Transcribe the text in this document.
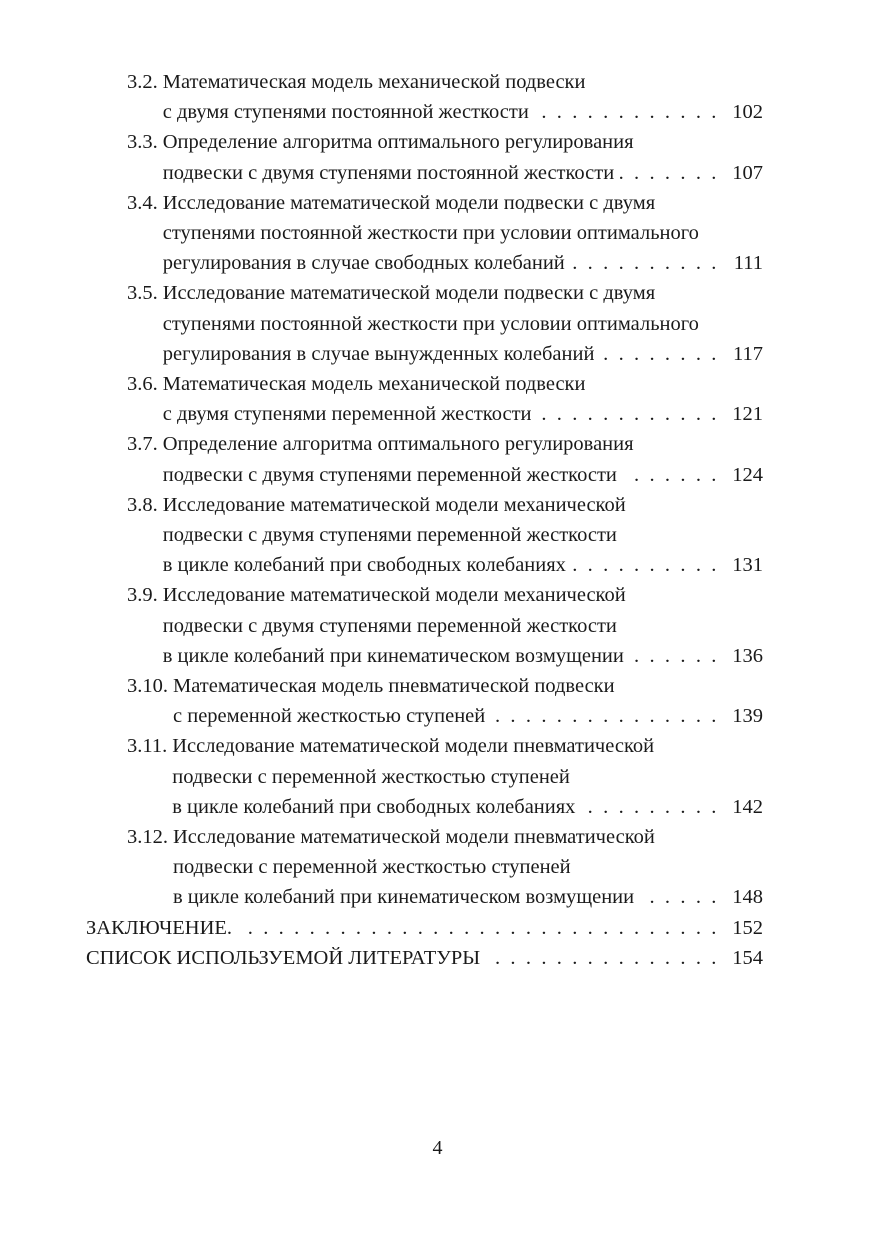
3.2. Математическая модель механической подвески
с двумя ступенями постоянной жесткости . . .	102
3.3. Определение алгоритма оптимального регулирования
подвески с двумя ступенями постоянной жесткости . . .	107
3.4. Исследование математической модели подвески с двумя
ступенями постоянной жесткости при условии оптимального
регулирования в случае свободных колебаний . . .	111
3.5. Исследование математической модели подвески с двумя
ступенями постоянной жесткости при условии оптимального
регулирования в случае вынужденных колебаний . . .	117
3.6. Математическая модель механической подвески
с двумя ступенями переменной жесткости . . .	121
3.7. Определение алгоритма оптимального регулирования
подвески с двумя ступенями переменной жесткости . . .	124
3.8. Исследование математической модели механической
подвески с двумя ступенями переменной жесткости
в цикле колебаний при свободных колебаниях . . .	131
3.9. Исследование математической модели механической
подвески с двумя ступенями переменной жесткости
в цикле колебаний при кинематическом возмущении . . .	136
3.10. Математическая модель пневматической подвески
с переменной жесткостью ступеней . . .	139
3.11. Исследование математической модели пневматической
подвески с переменной жесткостью ступеней
в цикле колебаний при свободных колебаниях . . .	142
3.12. Исследование математической модели пневматической
подвески с переменной жесткостью ступеней
в цикле колебаний при кинематическом возмущении . . .	148
ЗАКЛЮЧЕНИЕ. . . .	152
СПИСОК ИСПОЛЬЗУЕМОЙ ЛИТЕРАТУРЫ . . .	154
4
